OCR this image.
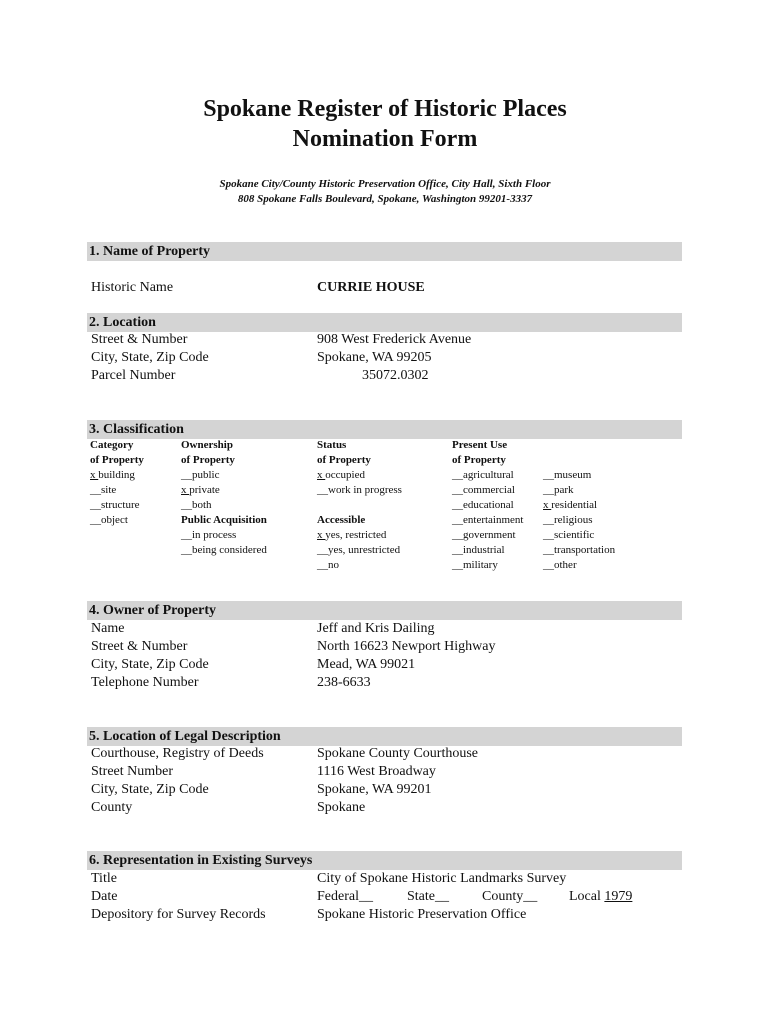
Spokane Register of Historic Places
Nomination Form
Spokane City/County Historic Preservation Office, City Hall, Sixth Floor
808 Spokane Falls Boulevard, Spokane, Washington 99201-3337
1. Name of Property
Historic Name	CURRIE HOUSE
2. Location
Street & Number
City, State, Zip Code
Parcel Number
908 West Frederick Avenue
Spokane, WA 99205
35072.0302
3. Classification
Category
of Property
x building
__site
__structure
__object
Ownership
of Property
__public
x private
__both
Public Acquisition
__in process
__being considered
Status
of Property
x occupied
__work in progress

Accessible
x yes, restricted
__yes, unrestricted
__no
Present Use
of Property
__agricultural
__commercial
__educational
__entertainment
__government
__industrial
__military
__museum
__park
x residential
__religious
__scientific
__transportation
__other
4. Owner of Property
Name
Street & Number
City, State, Zip Code
Telephone Number
Jeff and Kris Dailing
North 16623 Newport Highway
Mead, WA 99021
238-6633
5. Location of Legal Description
Courthouse, Registry of Deeds
Street Number
City, State, Zip Code
County
Spokane County Courthouse
1116 West Broadway
Spokane, WA 99201
Spokane
6. Representation in Existing Surveys
Title
Date
Depository for Survey Records
City of Spokane Historic Landmarks Survey
Federal__ State__ County__ Local 1979
Spokane Historic Preservation Office
